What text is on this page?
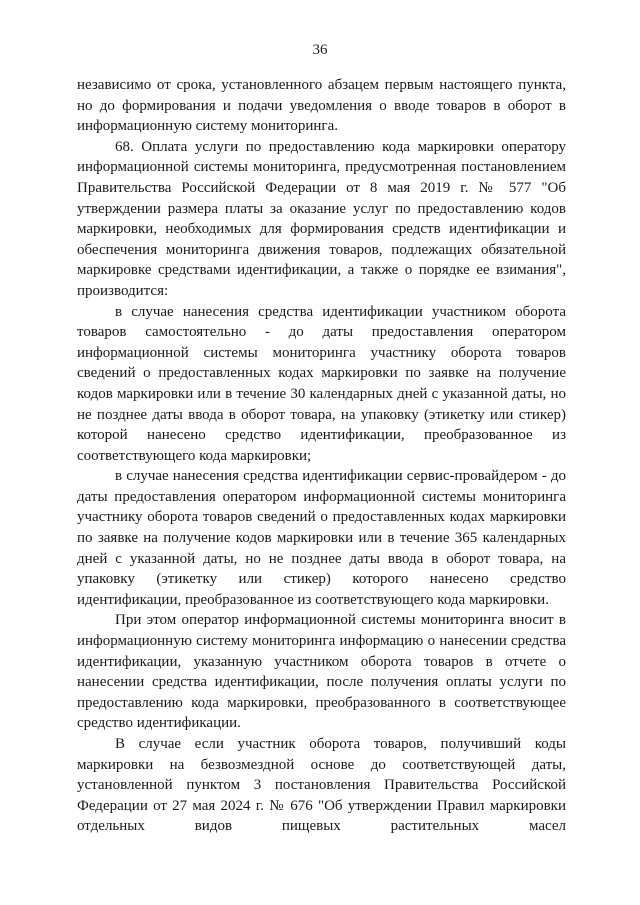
36

независимо от срока, установленного абзацем первым настоящего пункта, но до формирования и подачи уведомления о вводе товаров в оборот в информационную систему мониторинга.

68. Оплата услуги по предоставлению кода маркировки оператору информационной системы мониторинга, предусмотренная постановлением Правительства Российской Федерации от 8 мая 2019 г. № 577 "Об утверждении размера платы за оказание услуг по предоставлению кодов маркировки, необходимых для формирования средств идентификации и обеспечения мониторинга движения товаров, подлежащих обязательной маркировке средствами идентификации, а также о порядке ее взимания", производится:

в случае нанесения средства идентификации участником оборота товаров самостоятельно - до даты предоставления оператором информационной системы мониторинга участнику оборота товаров сведений о предоставленных кодах маркировки по заявке на получение кодов маркировки или в течение 30 календарных дней с указанной даты, но не позднее даты ввода в оборот товара, на упаковку (этикетку или стикер) которой нанесено средство идентификации, преобразованное из соответствующего кода маркировки;

в случае нанесения средства идентификации сервис-провайдером - до даты предоставления оператором информационной системы мониторинга участнику оборота товаров сведений о предоставленных кодах маркировки по заявке на получение кодов маркировки или в течение 365 календарных дней с указанной даты, но не позднее даты ввода в оборот товара, на упаковку (этикетку или стикер) которого нанесено средство идентификации, преобразованное из соответствующего кода маркировки.

При этом оператор информационной системы мониторинга вносит в информационную систему мониторинга информацию о нанесении средства идентификации, указанную участником оборота товаров в отчете о нанесении средства идентификации, после получения оплаты услуги по предоставлению кода маркировки, преобразованного в соответствующее средство идентификации.

В случае если участник оборота товаров, получивший коды маркировки на безвозмездной основе до соответствующей даты, установленной пунктом 3 постановления Правительства Российской Федерации от 27 мая 2024 г. № 676 "Об утверждении Правил маркировки отдельных видов пищевых растительных масел
